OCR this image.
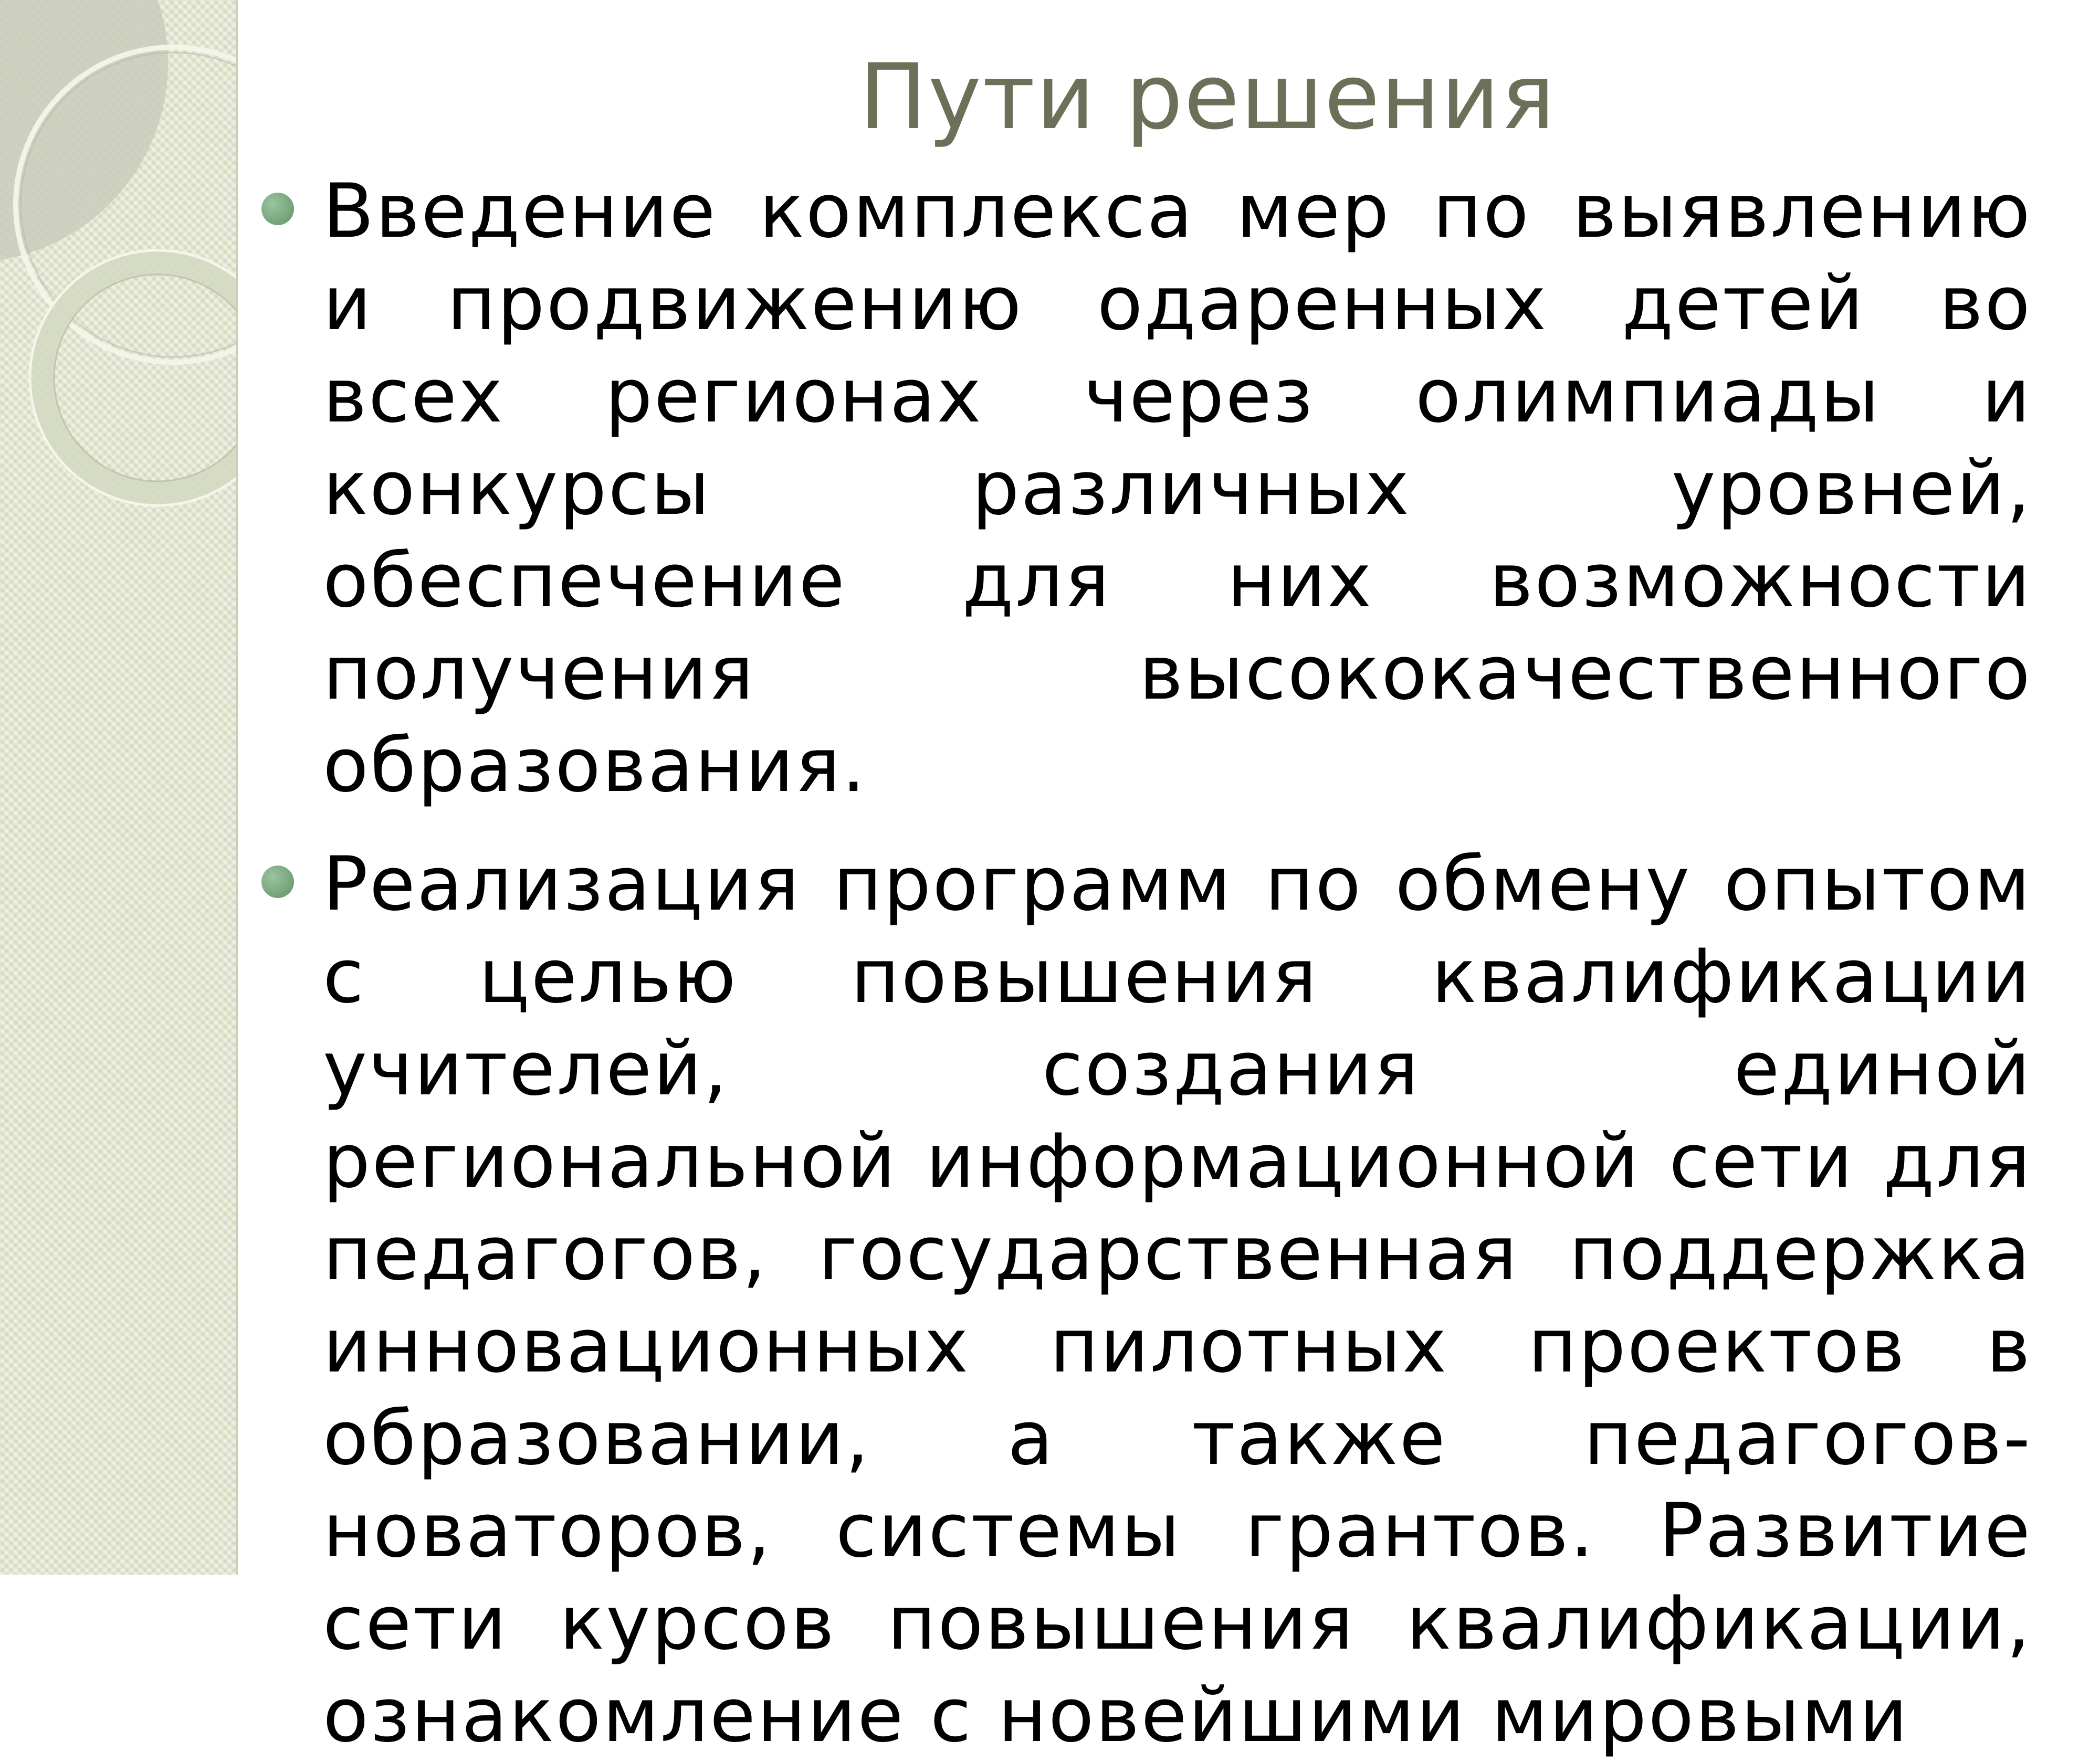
Пути решения
Введение комплекса мер по выявлению и продвижению одаренных детей во всех регионах через олимпиады и конкурсы различных уровней, обеспечение для них возможности получения высококачественного образования.
Реализация программ по обмену опытом с целью повышения квалификации учителей, создания единой региональной информационной сети для педагогов, государственная поддержка инновационных пилотных проектов в образовании, а также педагогов-новаторов, системы грантов. Развитие сети курсов повышения квалификации, ознакомление с новейшими мировыми
